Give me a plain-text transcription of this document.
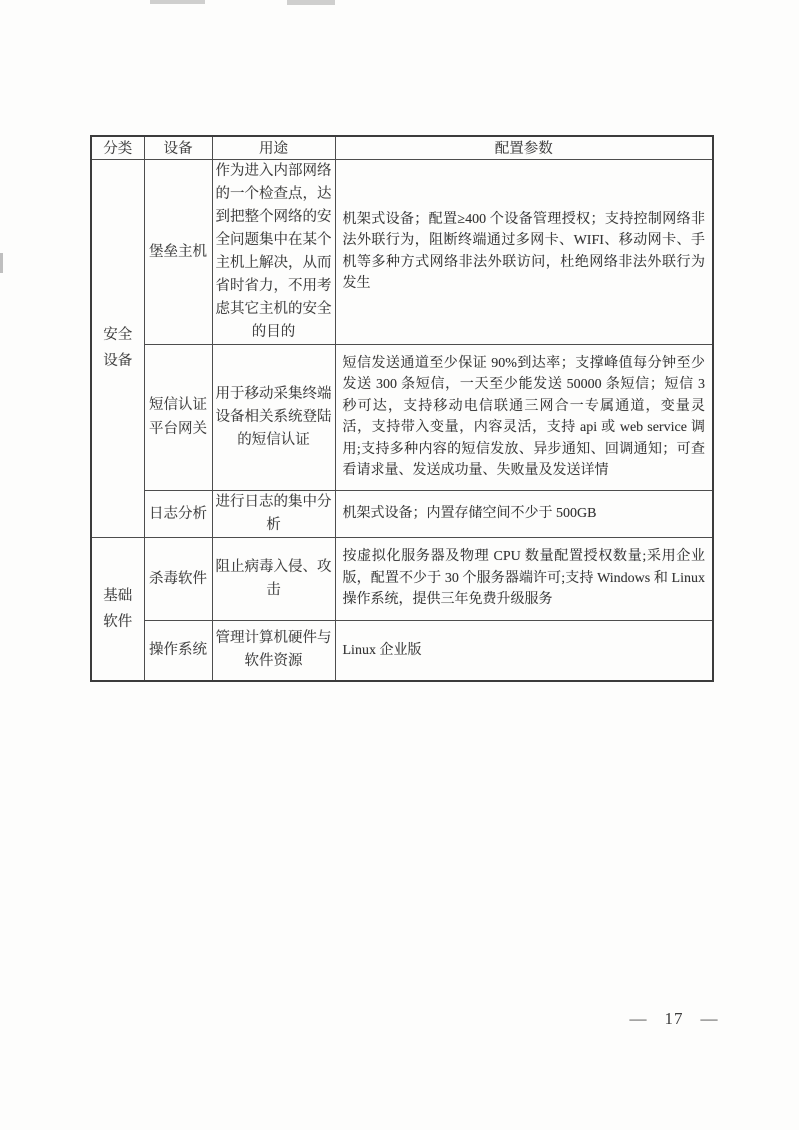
分类	设备	用途	配置参数
安全设备	堡垒主机	作为进入内部网络的一个检查点，达到把整个网络的安全问题集中在某个主机上解决，从而省时省力，不用考虑其它主机的安全的目的	机架式设备；配置≥400 个设备管理授权；支持控制网络非法外联行为，阻断终端通过多网卡、WIFI、移动网卡、手机等多种方式网络非法外联访问，杜绝网络非法外联行为发生
	短信认证平台网关	用于移动采集终端设备相关系统登陆的短信认证	短信发送通道至少保证 90%到达率；支撑峰值每分钟至少发送 300 条短信，一天至少能发送 50000 条短信；短信 3 秒可达，支持移动电信联通三网合一专属通道，变量灵活，支持带入变量，内容灵活，支持 api 或 web service 调用;支持多种内容的短信发放、异步通知、回调通知；可查看请求量、发送成功量、失败量及发送详情
	日志分析	进行日志的集中分析	机架式设备；内置存储空间不少于 500GB
基础软件	杀毒软件	阻止病毒入侵、攻击	按虚拟化服务器及物理 CPU 数量配置授权数量;采用企业版，配置不少于 30 个服务器端许可;支持 Windows 和 Linux 操作系统，提供三年免费升级服务
	操作系统	管理计算机硬件与软件资源	Linux 企业版
— 17 —
